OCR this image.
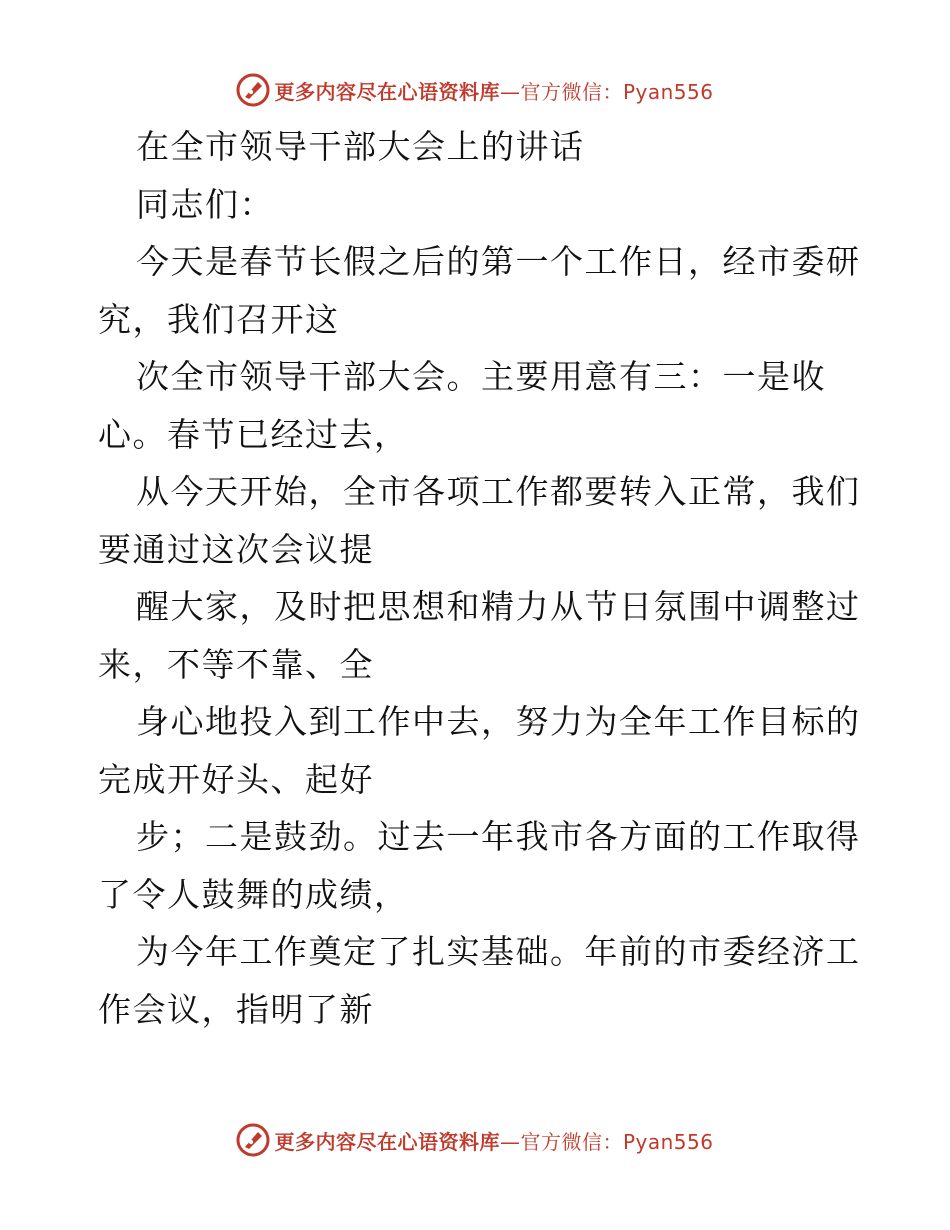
更多内容尽在心语资料库—官方微信：Pyan556
在全市领导干部大会上的讲话
同志们：
今天是春节长假之后的第一个工作日，经市委研
究，我们召开这
次全市领导干部大会。主要用意有三：一是收
心。春节已经过去，
从今天开始，全市各项工作都要转入正常，我们
要通过这次会议提
醒大家，及时把思想和精力从节日氛围中调整过
来，不等不靠、全
身心地投入到工作中去，努力为全年工作目标的
完成开好头、起好
步；二是鼓劲。过去一年我市各方面的工作取得
了令人鼓舞的成绩，
为今年工作奠定了扎实基础。年前的市委经济工
作会议，指明了新
更多内容尽在心语资料库—官方微信：Pyan556
